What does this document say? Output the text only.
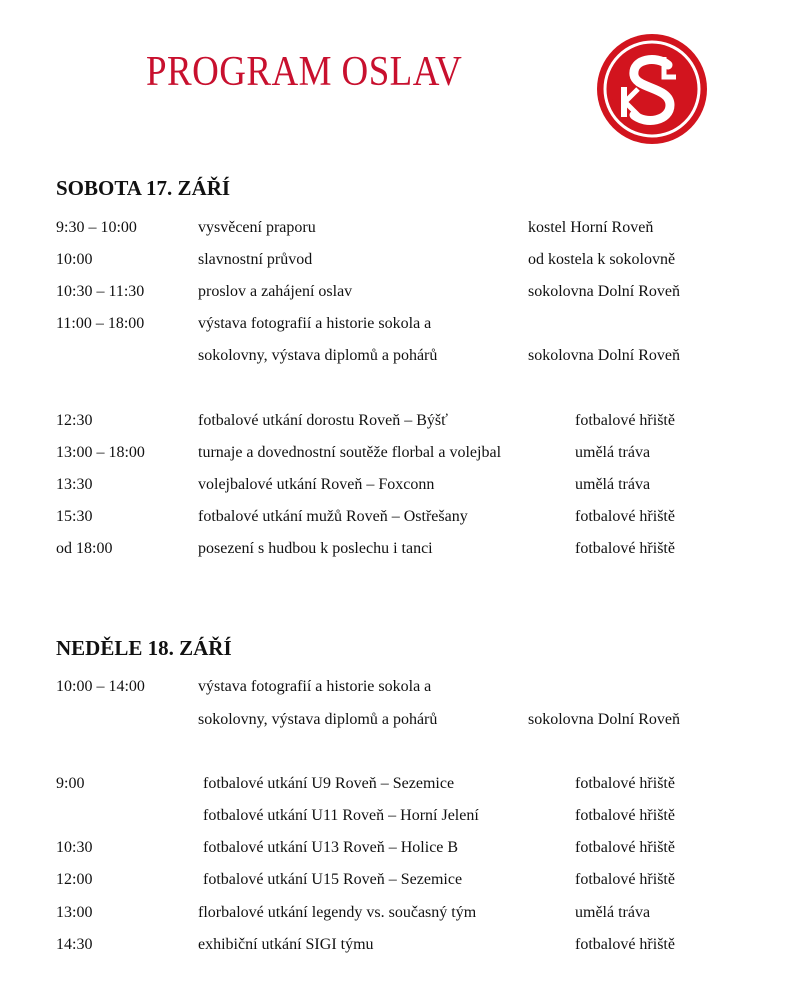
PROGRAM OSLAV
SOBOTA 17. ZÁŘÍ
9:30 – 10:00	vysvěcení praporu	kostel Horní Roveň
10:00	slavnostní průvod	od kostela k sokolovně
10:30 – 11:30	proslov a zahájení oslav	sokolovna Dolní Roveň
11:00 – 18:00	výstava fotografií a historie sokola a
sokolovny, výstava diplomů a pohárů	sokolovna Dolní Roveň
12:30	fotbalové utkání dorostu Roveň – Býšť	fotbalové hřiště
13:00 – 18:00	turnaje a dovednostní soutěže florbal a volejbal	umělá tráva
13:30	volejbalové utkání Roveň – Foxconn	umělá tráva
15:30	fotbalové utkání mužů Roveň – Ostřešany	fotbalové hřiště
od 18:00	posezení s hudbou k poslechu i tanci	fotbalové hřiště
NEDĚLE 18. ZÁŘÍ
10:00 – 14:00	výstava fotografií a historie sokola a
sokolovny, výstava diplomů a pohárů	sokolovna Dolní Roveň
9:00	fotbalové utkání U9 Roveň – Sezemice	fotbalové hřiště
fotbalové utkání U11 Roveň – Horní Jelení	fotbalové hřiště
10:30	fotbalové utkání U13 Roveň – Holice B	fotbalové hřiště
12:00	fotbalové utkání U15 Roveň – Sezemice	fotbalové hřiště
13:00	florbalové utkání legendy vs. současný tým	umělá tráva
14:30	exhibiční utkání SIGI týmu	fotbalové hřiště
